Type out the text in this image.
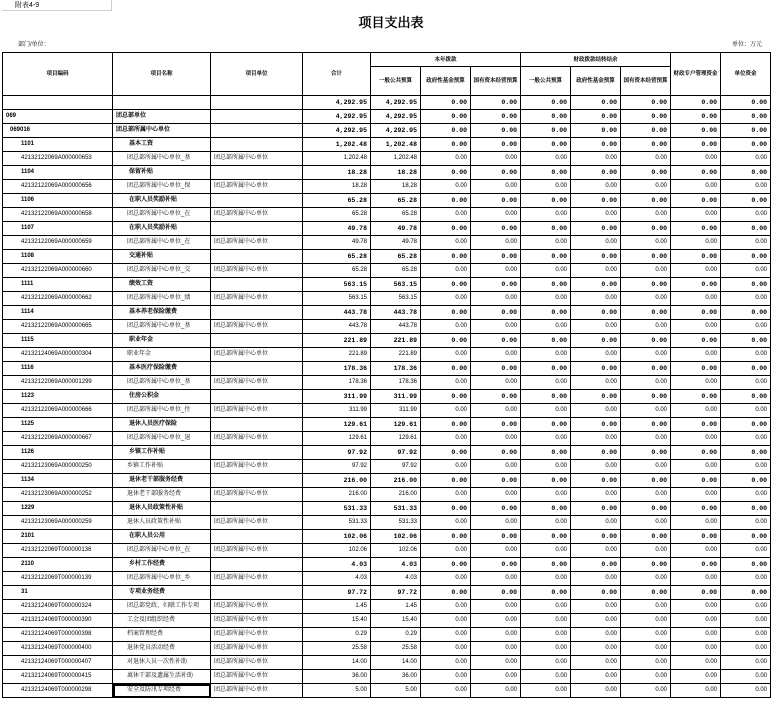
附表4-9
项目支出表
部门/单位：	单位：万元
项目编码	项目名称	项目单位	合计	本年拨款			财政拨款结转结余			财政专户管理资金	单位资金
				一般公共预算	政府性基金预算	国有资本经营预算	一般公共预算	政府性基金预算	国有资本经营预算		
			4,292.95	4,292.95	0.00	0.00	0.00	0.00	0.00	0.00	0.00
069	团总部单位		4,292.95	4,292.95	0.00	0.00	0.00	0.00	0.00	0.00	0.00
069016	团总部所属中心单位		4,292.95	4,292.95	0.00	0.00	0.00	0.00	0.00	0.00	0.00
1101	基本工资		1,202.48	1,202.48	0.00	0.00	0.00	0.00	0.00	0.00	0.00
42132122069A000000653	团总部所属中心单位_基	团总部所属中心单位	1,202.48	1,202.48	0.00	0.00	0.00	0.00	0.00	0.00	0.00
1104	保留补贴		18.28	18.28	0.00	0.00	0.00	0.00	0.00	0.00	0.00
42132122069A000000656	团总部所属中心单位_保	团总部所属中心单位	18.28	18.28	0.00	0.00	0.00	0.00	0.00	0.00	0.00
1106	在职人员奖励补贴		65.28	65.28	0.00	0.00	0.00	0.00	0.00	0.00	0.00
42132122069A000000658	团总部所属中心单位_在	团总部所属中心单位	65.28	65.28	0.00	0.00	0.00	0.00	0.00	0.00	0.00
1107	在职人员奖励补贴		49.78	49.78	0.00	0.00	0.00	0.00	0.00	0.00	0.00
42132122069A000000659	团总部所属中心单位_在	团总部所属中心单位	49.78	49.78	0.00	0.00	0.00	0.00	0.00	0.00	0.00
1108	交通补贴		65.28	65.28	0.00	0.00	0.00	0.00	0.00	0.00	0.00
42132122069A000000660	团总部所属中心单位_交	团总部所属中心单位	65.28	65.28	0.00	0.00	0.00	0.00	0.00	0.00	0.00
1111	绩效工资		563.15	563.15	0.00	0.00	0.00	0.00	0.00	0.00	0.00
42132122069A000000662	团总部所属中心单位_绩	团总部所属中心单位	563.15	563.15	0.00	0.00	0.00	0.00	0.00	0.00	0.00
1114	基本养老保险缴费		443.78	443.78	0.00	0.00	0.00	0.00	0.00	0.00	0.00
42132122069A000000665	团总部所属中心单位_基	团总部所属中心单位	443.78	443.78	0.00	0.00	0.00	0.00	0.00	0.00	0.00
1115	职业年金		221.89	221.89	0.00	0.00	0.00	0.00	0.00	0.00	0.00
42132124069A000000304	职业年金	团总部所属中心单位	221.89	221.89	0.00	0.00	0.00	0.00	0.00	0.00	0.00
1116	基本医疗保险缴费		178.36	178.36	0.00	0.00	0.00	0.00	0.00	0.00	0.00
42132122069A000001299	团总部所属中心单位_基	团总部所属中心单位	178.36	178.36	0.00	0.00	0.00	0.00	0.00	0.00	0.00
1123	住房公积金		311.99	311.99	0.00	0.00	0.00	0.00	0.00	0.00	0.00
42132122069A000000666	团总部所属中心单位_住	团总部所属中心单位	311.99	311.99	0.00	0.00	0.00	0.00	0.00	0.00	0.00
1125	退休人员医疗保险		129.61	129.61	0.00	0.00	0.00	0.00	0.00	0.00	0.00
42132122069A000000667	团总部所属中心单位_退	团总部所属中心单位	129.61	129.61	0.00	0.00	0.00	0.00	0.00	0.00	0.00
1126	乡镇工作补贴		97.92	97.92	0.00	0.00	0.00	0.00	0.00	0.00	0.00
42132123069A000000250	乡镇工作补贴	团总部所属中心单位	97.92	97.92	0.00	0.00	0.00	0.00	0.00	0.00	0.00
1134	退休老干部服务经费		216.00	216.00	0.00	0.00	0.00	0.00	0.00	0.00	0.00
42132123069A000000252	退休老干部服务经费	团总部所属中心单位	216.00	216.00	0.00	0.00	0.00	0.00	0.00	0.00	0.00
1229	退休人员政策性补贴		531.33	531.33	0.00	0.00	0.00	0.00	0.00	0.00	0.00
42132123069A000000259	退休人员政策性补贴	团总部所属中心单位	531.33	531.33	0.00	0.00	0.00	0.00	0.00	0.00	0.00
2101	在职人员公用		102.06	102.06	0.00	0.00	0.00	0.00	0.00	0.00	0.00
42132122069T000000136	团总部所属中心单位_在	团总部所属中心单位	102.06	102.06	0.00	0.00	0.00	0.00	0.00	0.00	0.00
2110	乡村工作经费		4.03	4.03	0.00	0.00	0.00	0.00	0.00	0.00	0.00
42132122069T000000139	团总部所属中心单位_乡	团总部所属中心单位	4.03	4.03	0.00	0.00	0.00	0.00	0.00	0.00	0.00
31	专项业务经费		97.72	97.72	0.00	0.00	0.00	0.00	0.00	0.00	0.00
42132124069T000000324	团总部党政、妇联工作专项	团总部所属中心单位	1.45	1.45	0.00	0.00	0.00	0.00	0.00	0.00	0.00
42132124069T000000390	工会及团组织经费	团总部所属中心单位	15.40	15.40	0.00	0.00	0.00	0.00	0.00	0.00	0.00
42132124069T000000398	档案管理经费	团总部所属中心单位	0.29	0.29	0.00	0.00	0.00	0.00	0.00	0.00	0.00
42132124069T000000400	退休党员活动经费	团总部所属中心单位	25.58	25.58	0.00	0.00	0.00	0.00	0.00	0.00	0.00
42132124069T000000407	对退休人员一次性补助	团总部所属中心单位	14.00	14.00	0.00	0.00	0.00	0.00	0.00	0.00	0.00
42132124069T000000415	离休干部及遗属生活补助	团总部所属中心单位	36.00	36.00	0.00	0.00	0.00	0.00	0.00	0.00	0.00
42132124069T000000298	安全及防汛专项经费	团总部所属中心单位	5.00	5.00	0.00	0.00	0.00	0.00	0.00	0.00	0.00
